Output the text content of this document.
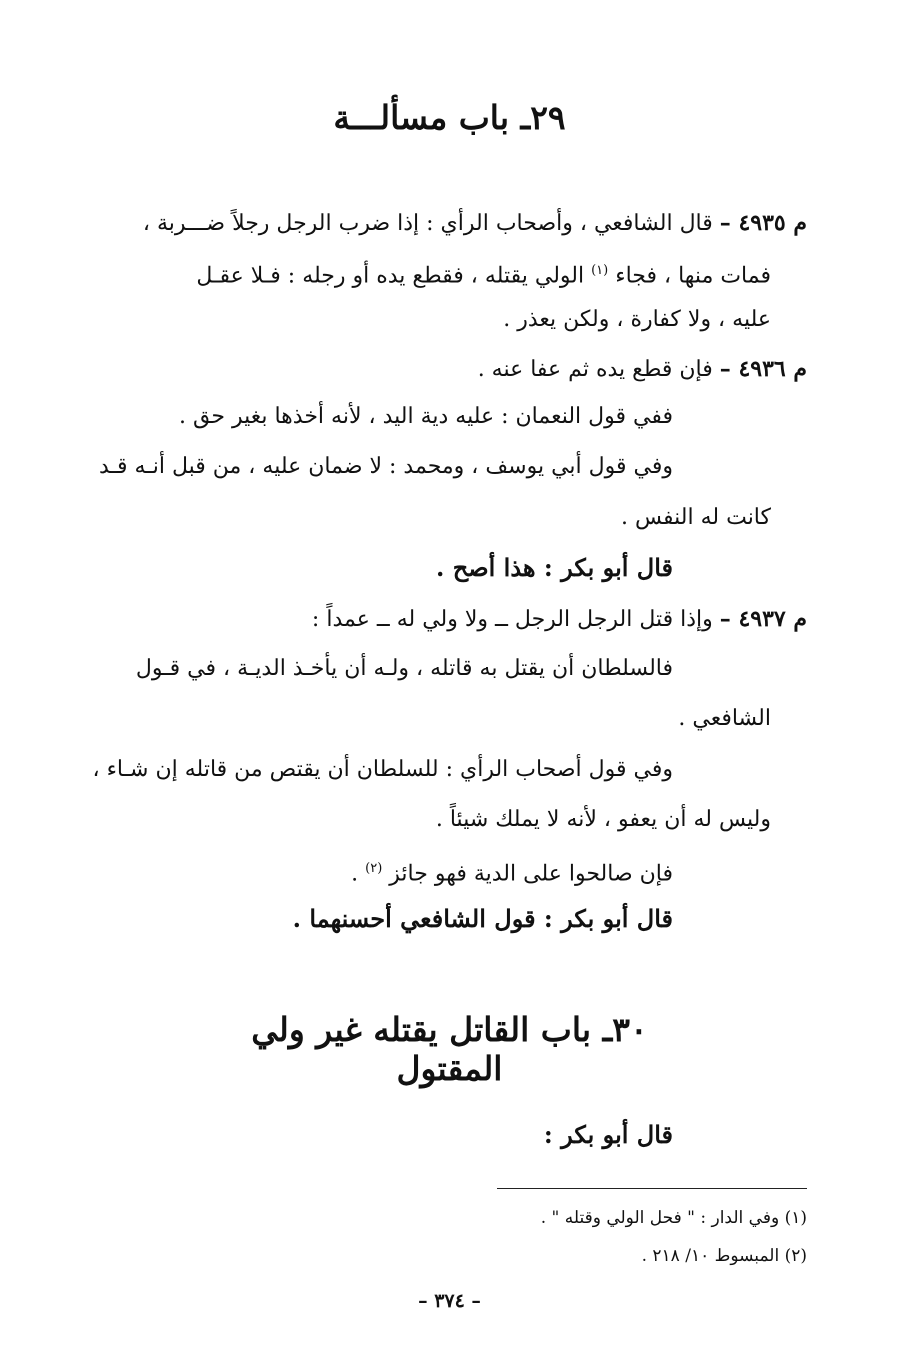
٢٩ـ باب مسألـــة
م ٤٩٣٥ – قال الشافعي ، وأصحاب الرأي : إذا ضرب الرجل رجلاً ضـــربة ،
فمات منها ، فجاء $^{(١)}$ الولي يقتله ، فقطع يده أو رجله : فـلا عقـل
عليه ، ولا كفارة ، ولكن يعذر .
م ٤٩٣٦ – فإن قطع يده ثم عفا عنه .
ففي قول النعمان : عليه دية اليد ، لأنه أخذها بغير حق .
وفي قول أبي يوسف ، ومحمد : لا ضمان عليه ، من قبل أنـه قـد
كانت له النفس .
قال أبو بكر : هذا أصح .
م ٤٩٣٧ – وإذا قتل الرجل الرجل ــ ولا ولي له ــ عمداً :
فالسلطان أن يقتل به قاتله ، ولـه أن يأخـذ الديـة ، في قـول
الشافعي .
وفي قول أصحاب الرأي : للسلطان أن يقتص من قاتله إن شـاء ،
وليس له أن يعفو ، لأنه لا يملك شيئاً .
فإن صالحوا على الدية فهو جائز $^{(٢)}$ .
قال أبو بكر : قول الشافعي أحسنهما .
٣٠ـ باب القاتل يقتله غير ولي المقتول
قال أبو بكر :
(١) وفي الدار : " فحل الولي وقتله " .
(٢) المبسوط ١٠/ ٢١٨ .
– ٣٧٤ –
